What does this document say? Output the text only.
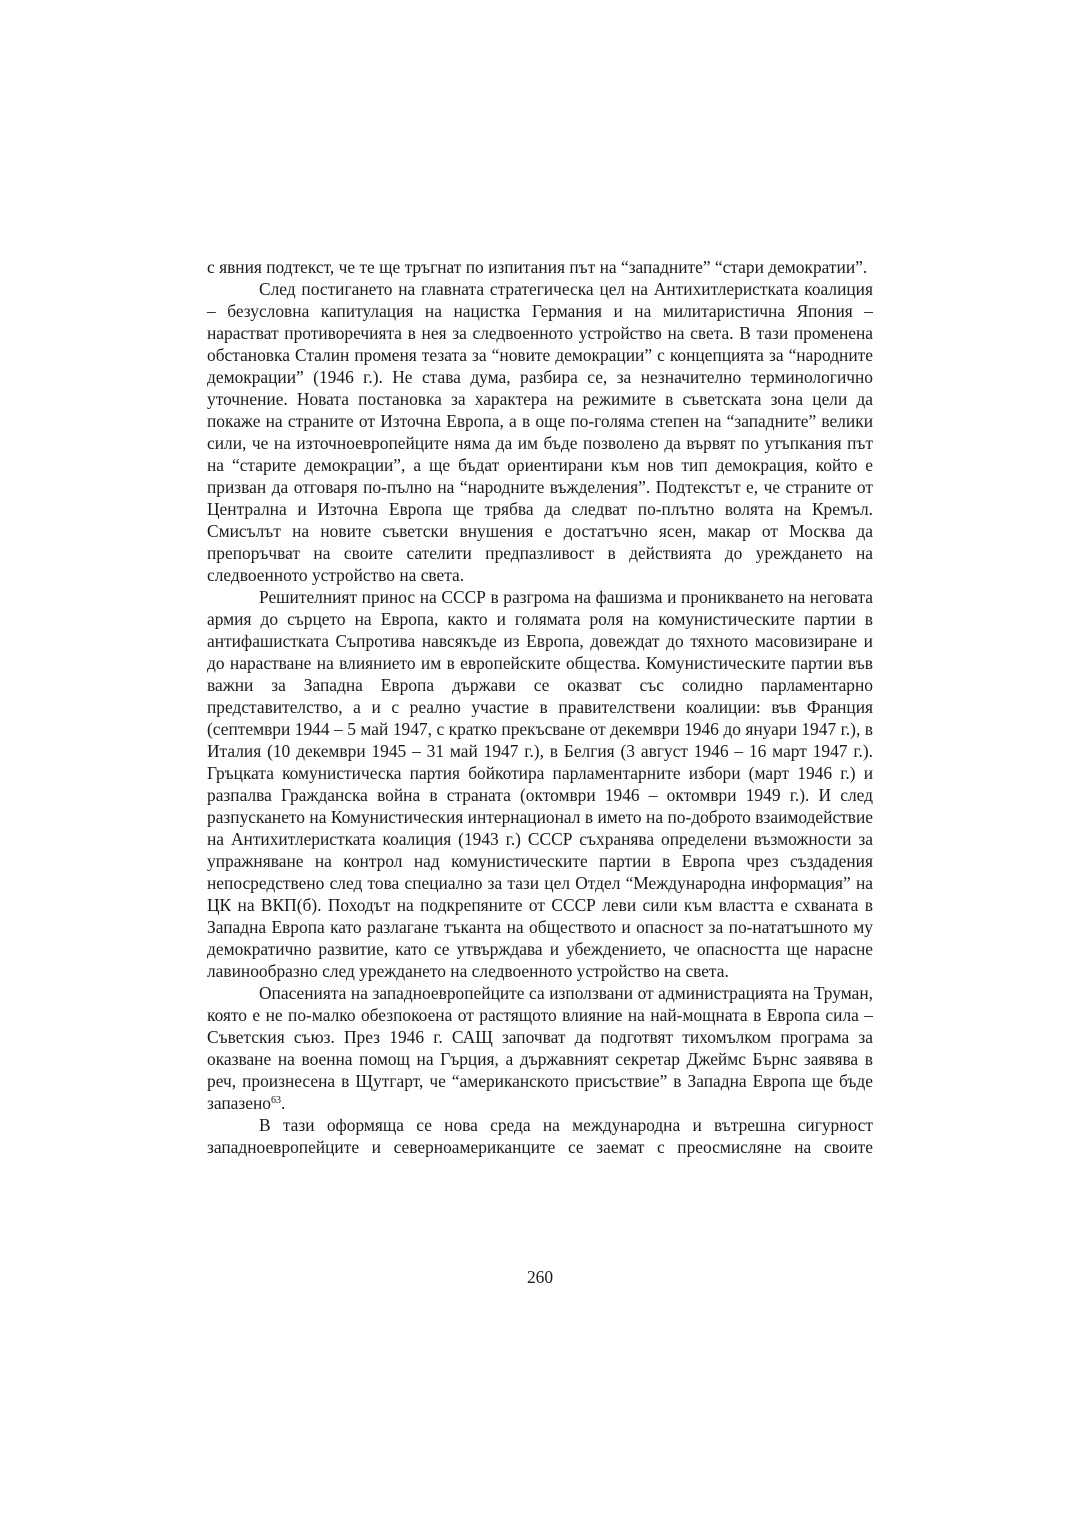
с явния подтекст, че те ще тръгнат по изпитания път на “западните” “стари демократии”.

След постигането на главната стратегическа цел на Антихитлеристката коалиция – безусловна капитулация на нацистка Германия и на милитаристична Япония – нарастват противоречията в нея за следвоенното устройство на света. В тази променена обстановка Сталин променя тезата за “новите демокрации” с концепцията за “народните демокрации” (1946 г.). Не става дума, разбира се, за незначително терминологично уточнение. Новата постановка за характера на режимите в съветската зона цели да покаже на страните от Източна Европа, а в още по-голяма степен на “западните” велики сили, че на източноевропейците няма да им бъде позволено да вървят по утъпкания път на “старите демокрации”, а ще бъдат ориентирани към нов тип демокрация, който е призван да отговаря по-пълно на “народните въжделения”. Подтекстът е, че страните от Централна и Източна Европа ще трябва да следват по-плътно волята на Кремъл. Смисълът на новите съветски внушения е достатъчно ясен, макар от Москва да препоръчват на своите сателити предпазливост в действията до уреждането на следвоенното устройство на света.

Решителният принос на СССР в разгрома на фашизма и проникването на неговата армия до сърцето на Европа, както и голямата роля на комунистическите партии в антифашистката Съпротива навсякъде из Европа, довеждат до тяхното масовизиране и до нарастване на влиянието им в европейските общества. Комунистическите партии във важни за Западна Европа държави се оказват със солидно парламентарно представителство, а и с реално участие в правителствени коалиции: във Франция (септември 1944 – 5 май 1947, с кратко прекъсване от декември 1946 до януари 1947 г.), в Италия (10 декември 1945 – 31 май 1947 г.), в Белгия (3 август 1946 – 16 март 1947 г.). Гръцката комунистическа партия бойкотира парламентарните избори (март 1946 г.) и разпалва Гражданска война в страната (октомври 1946 – октомври 1949 г.). И след разпускането на Комунистическия интернационал в името на по-доброто взаимодействие на Антихитлеристката коалиция (1943 г.) СССР съхранява определени възможности за упражняване на контрол над комунистическите партии в Европа чрез създадения непосредствено след това специално за тази цел Отдел “Международна информация” на ЦК на ВКП(б). Походът на подкрепяните от СССР леви сили към властта е схваната в Западна Европа като разлагане тъканта на обществото и опасност за по-нататъшното му демократично развитие, като се утвърждава и убеждението, че опасността ще нарасне лавинообразно след уреждането на следвоенното устройство на света.

Опасенията на западноевропейците са използвани от администрацията на Труман, която е не по-малко обезпокоена от растящото влияние на най-мощната в Европа сила – Съветския съюз. През 1946 г. САЩ започват да подготвят тихомълком програма за оказване на военна помощ на Гърция, а държавният секретар Джеймс Бърнс заявява в реч, произнесена в Щутгарт, че “американското присъствие” в Западна Европа ще бъде запазено$^{63}$.

В тази оформяща се нова среда на международна и вътрешна сигурност западноевропейците и северноамериканците се заемат с преосмисляне на своите

260
